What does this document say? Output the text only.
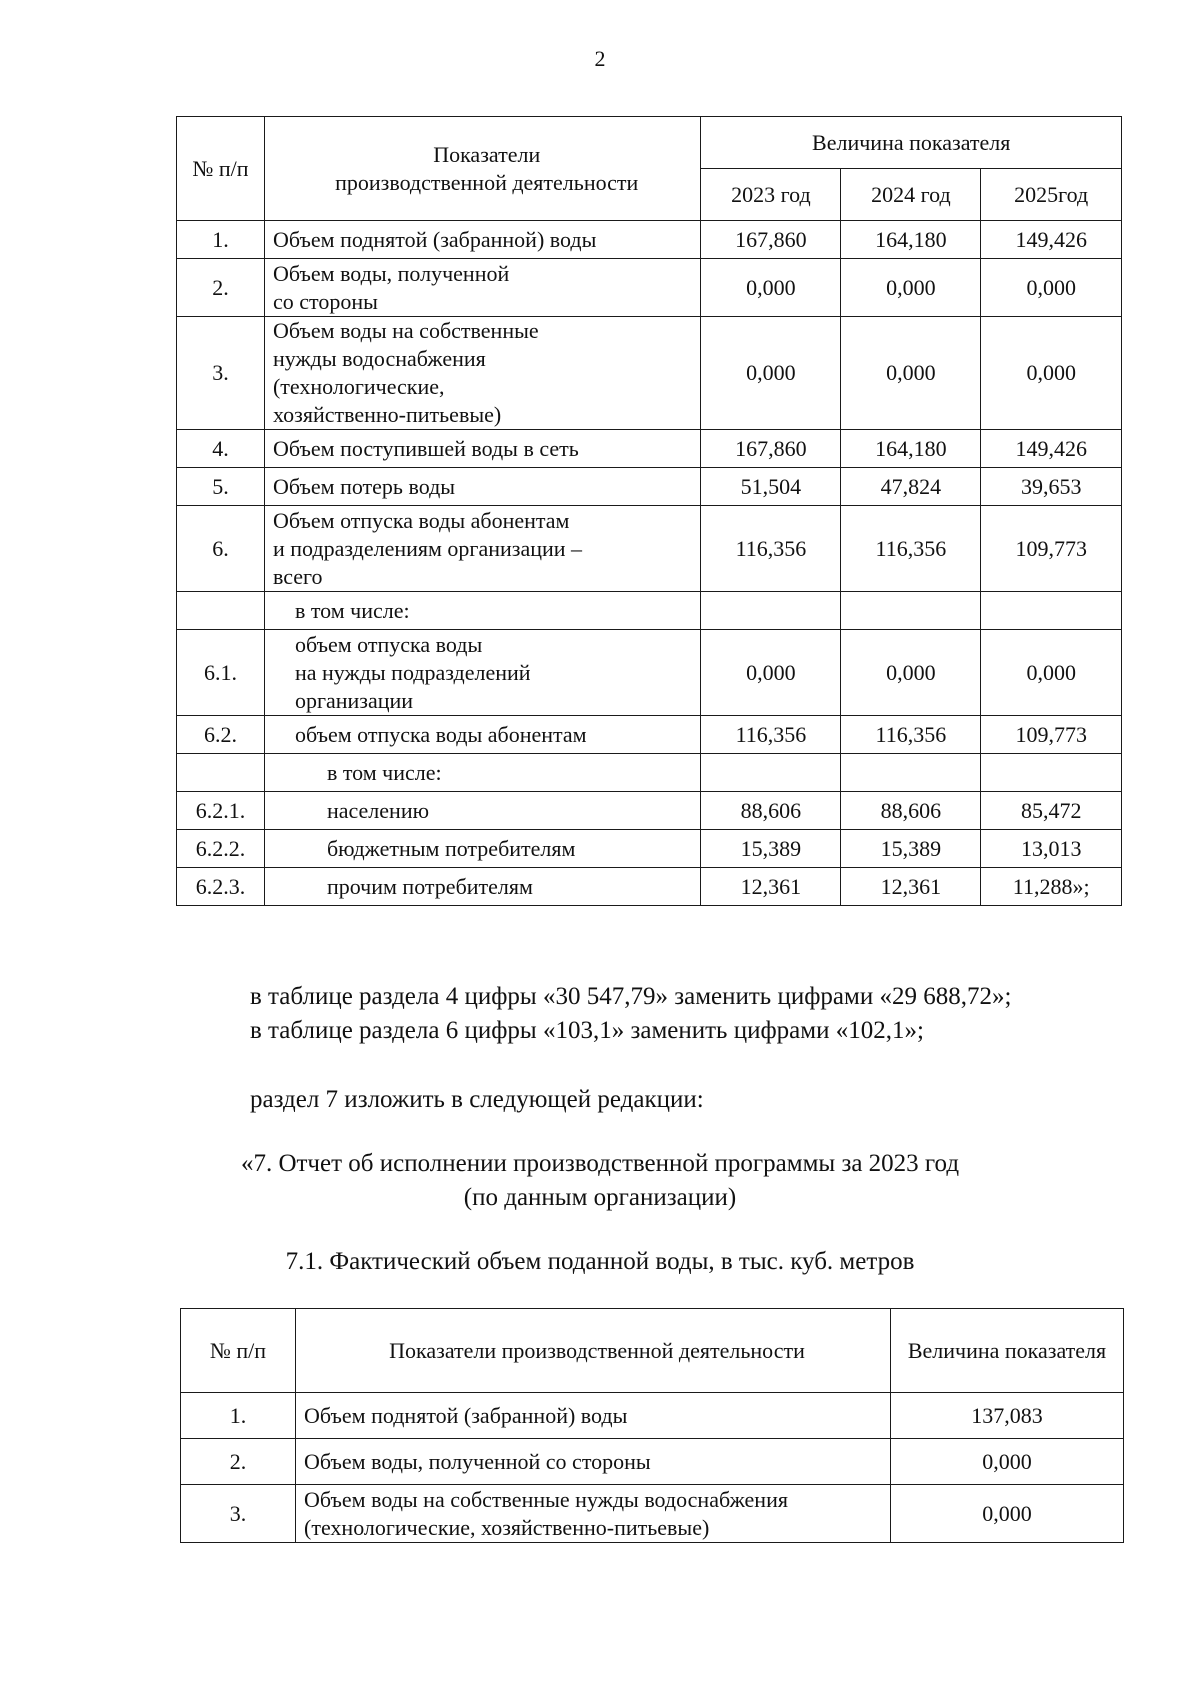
2
№ п/п	Показатели
производственной деятельности	Величина показателя		
		2023 год	2024 год	2025год
1.	Объем поднятой (забранной) воды	167,860	164,180	149,426
2.	Объем воды, полученной
со стороны	0,000	0,000	0,000
3.	Объем воды на собственные
нужды водоснабжения
(технологические,
хозяйственно-питьевые)	0,000	0,000	0,000
4.	Объем поступившей воды в сеть	167,860	164,180	149,426
5.	Объем потерь воды	51,504	47,824	39,653
6.	Объем отпуска воды абонентам
и подразделениям организации –
всего	116,356	116,356	109,773

	в том числе:			

6.1.	объем отпуска воды
на нужды подразделений
организации	0,000	0,000	0,000
6.2.	объем отпуска воды абонентам	116,356	116,356	109,773

	в том числе:			

6.2.1.	населению	88,606	88,606	85,472
6.2.2.	бюджетным потребителям	15,389	15,389	13,013
6.2.3.	прочим потребителям	12,361	12,361	11,288»;
в таблице раздела 4 цифры «30 547,79» заменить цифрами «29 688,72»;
в таблице раздела 6 цифры «103,1» заменить цифрами «102,1»;
раздел 7 изложить в следующей редакции:
«7. Отчет об исполнении производственной программы за 2023 год
(по данным организации)
7.1. Фактический объем поданной воды, в тыс. куб. метров
№ п/п	Показатели производственной деятельности	Величина показателя
1.	Объем поднятой (забранной) воды	137,083
2.	Объем воды, полученной со стороны	0,000
3.	Объем воды на собственные нужды водоснабжения
(технологические, хозяйственно-питьевые)	0,000
